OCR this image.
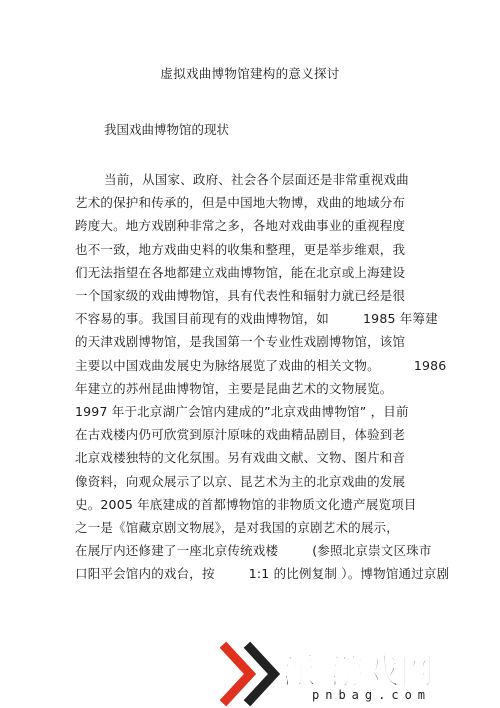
虚拟戏曲博物馆建构的意义探讨
我国戏曲博物馆的现状
当前，从国家、政府、社会各个层面还是非常重视戏曲
艺术的保护和传承的，但是中国地大物博，戏曲的地域分布
跨度大。地方戏剧种非常之多，各地对戏曲事业的重视程度
也不一致，地方戏曲史料的收集和整理，更是举步维艰，我
们无法指望在各地都建立戏曲博物馆，能在北京或上海建设
一个国家级的戏曲博物馆，具有代表性和辐射力就已经是很
不容易的事。我国目前现有的戏曲博物馆，如	1985 年筹建
的天津戏剧博物馆，是我国第一个专业性戏剧博物馆，该馆
主要以中国戏曲发展史为脉络展览了戏曲的相关文物。	1986
年建立的苏州昆曲博物馆，主要是昆曲艺术的文物展览。
1997 年于北京湖广会馆内建成的”北京戏曲博物馆” ，目前
在古戏楼内仍可欣赏到原汁原味的戏曲精品剧目，体验到老
北京戏楼独特的文化氛围。另有戏曲文献、文物、图片和音
像资料，向观众展示了以京、昆艺术为主的北京戏曲的发展
史。2005 年底建成的首都博物馆的非物质文化遗产展览项目
之一是《馆藏京剧文物展》，是对我国的京剧艺术的展示，
在展厅内还修建了一座北京传统戏楼	(参照北京崇文区珠市
口阳平会馆内的戏台，按	1:1 的比例复制 ）。博物馆通过京剧
派 游戏网
pnbag.com
